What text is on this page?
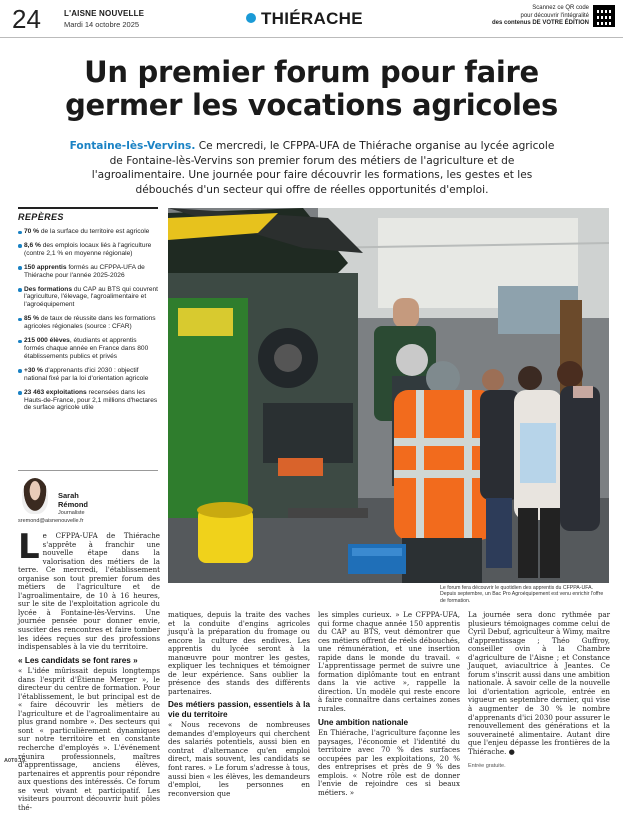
24	L'AISNE NOUVELLE
Mardi 14 octobre 2025	THIÉRACHE
Scannez ce QR code
pour découvrir l'intégralité
des contenus DE VOTRE ÉDITION
Un premier forum pour faire germer les vocations agricoles

Fontaine-lès-Vervins. Ce mercredi, le CFPPA-UFA de Thiérache organise au lycée agricole de Fontaine-lès-Vervins son premier forum des métiers de l'agriculture et de l'agroalimentaire. Une journée pour faire découvrir les formations, les gestes et les débouchés d'un secteur qui offre de réelles opportunités d'emploi.

REPÈRES
70 % de la surface du territoire est agricole
8,6 % des emplois locaux liés à l'agriculture (contre 2,1 % en moyenne régionale)
150 apprentis formés au CFPPA-UFA de Thiérache pour l'année 2025-2026
Des formations du CAP au BTS qui couvrent l'agriculture, l'élevage, l'agroalimentaire et l'agroéquipement
85 % de taux de réussite dans les formations agricoles régionales (source : CFAR)
215 000 élèves, étudiants et apprentis formés chaque année en France dans 800 établissements publics et privés
+30 % d'apprenants d'ici 2030 : objectif national fixé par la loi d'orientation agricole
23 463 exploitations recensées dans les Hauts-de-France, pour 2,1 millions d'hectares de surface agricole utile
Sarah
Rémond
Journaliste
sremond@aisnenouvelle.fr
Le forum fera découvrir le quotidien des apprentis du CFPPA-UFA. Depuis septembre, un Bac Pro Agroéquipement est venu enrichir l'offre de formation.

Le CFPPA-UFA de Thiérache s'apprête à franchir une nouvelle étape dans la valorisation des métiers de la terre. Ce mercredi, l'établissement organise son tout premier forum des métiers de l'agriculture et de l'agroalimentaire, de 10 à 16 heures, sur le site de l'exploitation agricole du lycée à Fontaine-lès-Vervins. Une journée pensée pour donner envie, susciter des rencontres et faire tomber les idées reçues sur des professions indispensables à la vie du territoire.

« Les candidats se font rares »

« L'idée mûrissait depuis longtemps dans l'esprit d'Étienne Merger », le directeur du centre de formation. Pour l'établissement, le but principal est de « faire découvrir les métiers de l'agriculture et de l'agroalimentaire au plus grand nombre ». Des secteurs qui sont « particulièrement dynamiques sur notre territoire et en constante recherche d'employés ». L'événement réunira professionnels, maîtres d'apprentissage, anciens élèves, partenaires et apprentis pour répondre aux questions des intéressés. Ce forum se veut vivant et participatif. Les visiteurs pourront découvrir huit pôles thé-

matiques, depuis la traite des vaches et la conduite d'engins agricoles jusqu'à la préparation du fromage ou encore la culture des endives. Les apprentis du lycée seront à la manœuvre pour montrer les gestes, expliquer les techniques et témoigner de leur expérience. Sans oublier la présence des stands des différents partenaires.

Des métiers passion, essentiels à la vie du territoire

« Nous recevons de nombreuses demandes d'employeurs qui cherchent des salariés potentiels, aussi bien en contrat d'alternance qu'en emploi direct, mais souvent, les candidats se font rares. » Le forum s'adresse à tous, aussi bien « les élèves, les demandeurs d'emploi, les personnes en reconversion que

les simples curieux. » Le CFPPA-UFA, qui forme chaque année 150 apprentis du CAP au BTS, veut démontrer que ces métiers offrent de réels débouchés, une rémunération, et une insertion rapide dans le monde du travail. « L'apprentissage permet de suivre une formation diplômante tout en entrant dans la vie active », rappelle la direction. Un modèle qui reste encore à faire connaître dans certaines zones rurales.

Une ambition nationale

En Thiérache, l'agriculture façonne les paysages, l'économie et l'identité du territoire avec 70 % des surfaces occupées par les exploitations, 20 % des entreprises et près de 9 % des emplois. « Notre rôle est de donner l'envie de rejoindre ces si beaux métiers. »

La journée sera donc rythmée par plusieurs témoignages comme celui de Cyril Debuf, agriculteur à Wimy, maître d'apprentissage ; Théo Guffroy, conseiller ovin à la Chambre d'agriculture de l'Aisne ; et Constance Jauquet, aviacultrice à Jeantes. Ce forum s'inscrit aussi dans une ambition nationale. À savoir celle de la nouvelle loi d'orientation agricole, entrée en vigueur en septembre dernier, qui vise à augmenter de 30 % le nombre d'apprenants d'ici 2030 pour assurer le renouvellement des générations et la souveraineté alimentaire. Autant dire que l'enjeu dépasse les frontières de la Thiérache. ●

Entrée gratuite.
A0T0.19.
